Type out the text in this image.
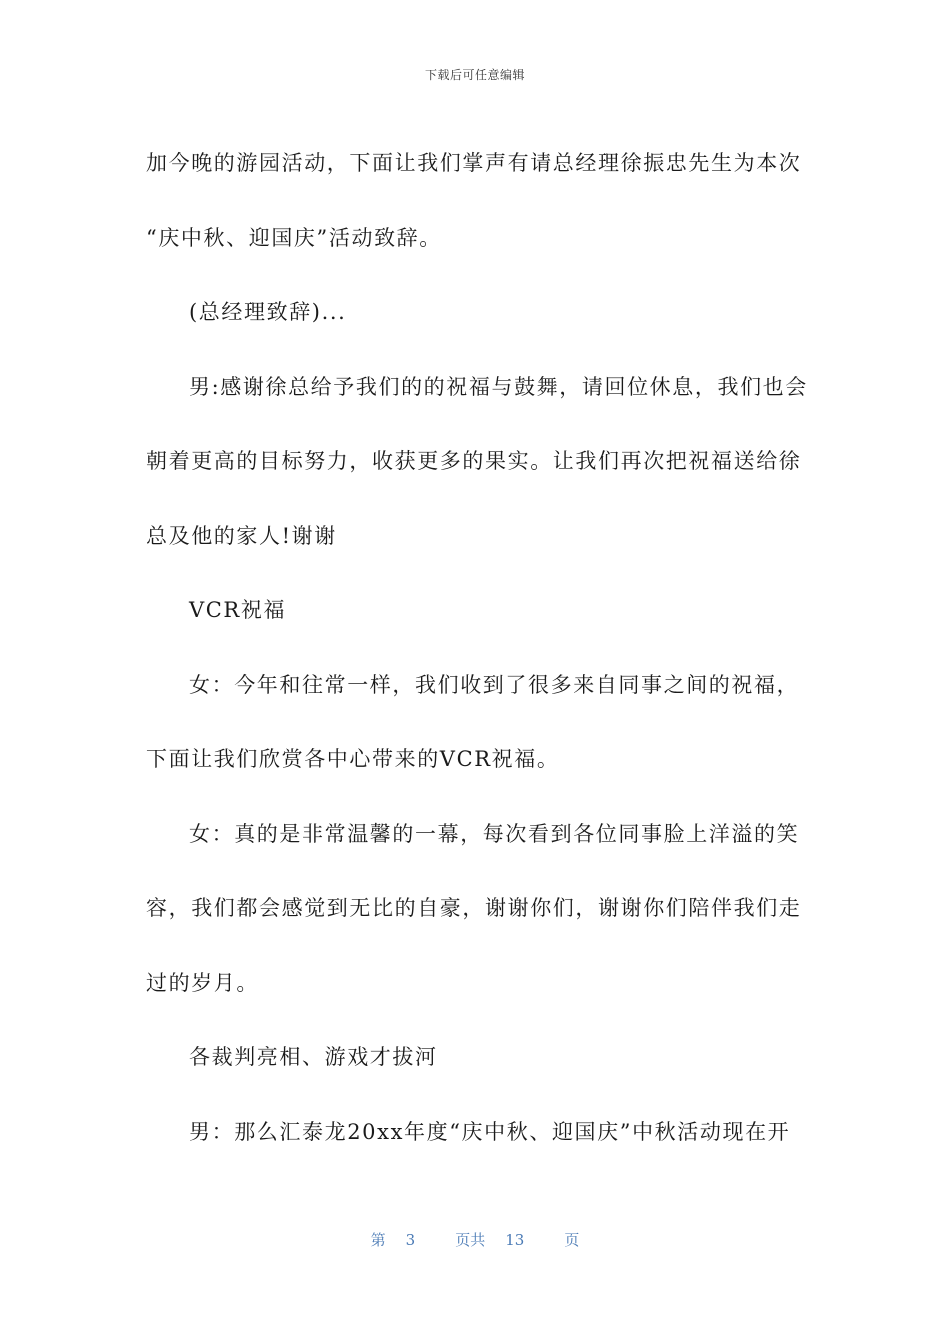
下载后可任意编辑

加今晚的游园活动，下面让我们掌声有请总经理徐振忠先生为本次

“庆中秋、迎国庆”活动致辞。

(总经理致辞)...

男:感谢徐总给予我们的的祝福与鼓舞，请回位休息，我们也会

朝着更高的目标努力，收获更多的果实。让我们再次把祝福送给徐

总及他的家人!谢谢

VCR祝福

女：今年和往常一样，我们收到了很多来自同事之间的祝福，

下面让我们欣赏各中心带来的VCR祝福。

女：真的是非常温馨的一幕，每次看到各位同事脸上洋溢的笑

容，我们都会感觉到无比的自豪，谢谢你们，谢谢你们陪伴我们走

过的岁月。

各裁判亮相、游戏才拔河

男：那么汇泰龙20xx年度“庆中秋、迎国庆”中秋活动现在开

第 3	页共 13	页
